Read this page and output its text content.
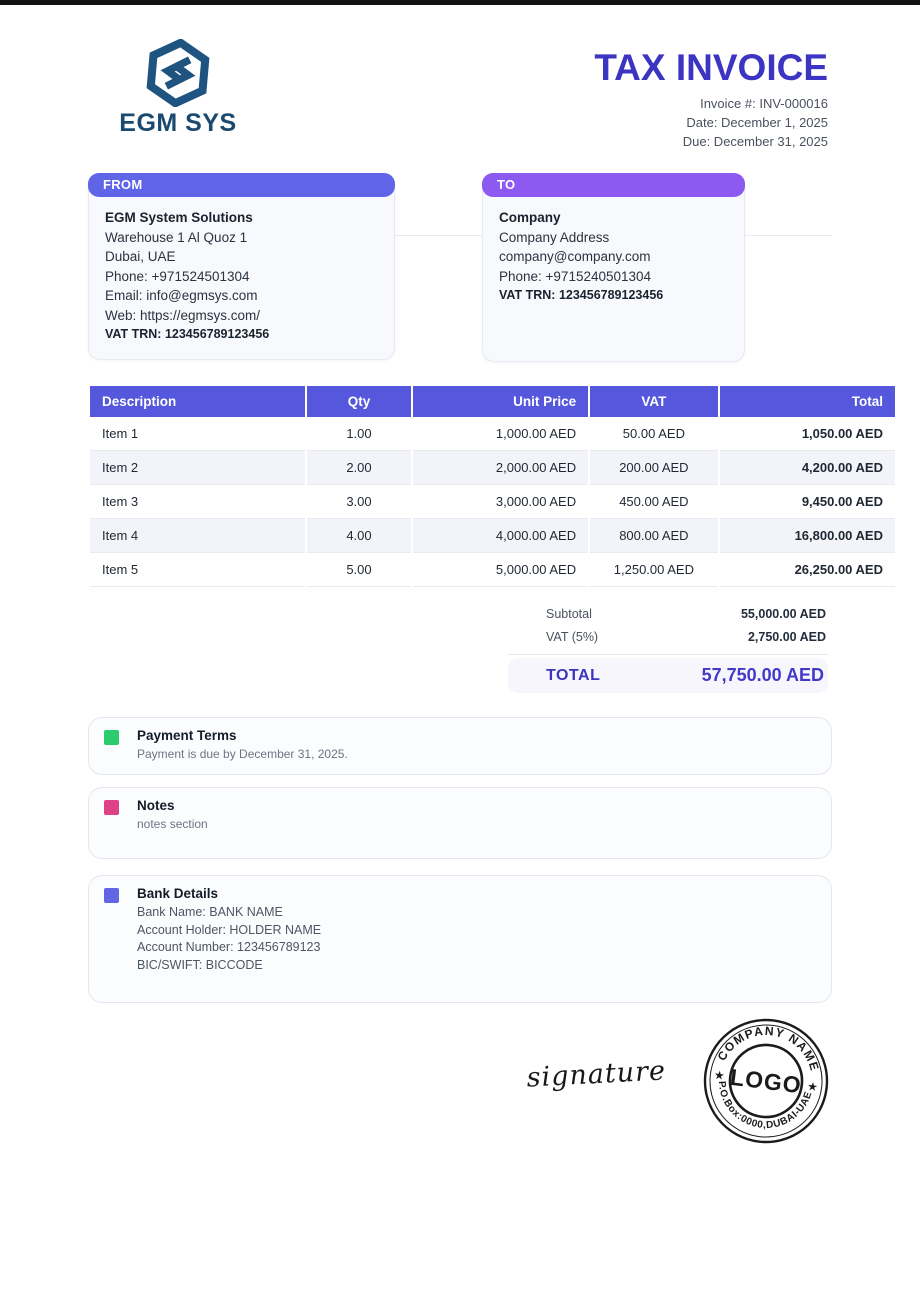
EGM SYS
TAX INVOICE
Invoice #: INV-000016
Date: December 1, 2025
Due: December 31, 2025
FROM
EGM System Solutions
Warehouse 1 Al Quoz 1
Dubai, UAE
Phone: +971524501304
Email: info@egmsys.com
Web: https://egmsys.com/
VAT TRN: 123456789123456
TO
Company
Company Address
company@company.com
Phone: +9715240501304
VAT TRN: 123456789123456
Description	Qty	Unit Price	VAT	Total
Item 1	1.00	1,000.00 AED	50.00 AED	1,050.00 AED
Item 2	2.00	2,000.00 AED	200.00 AED	4,200.00 AED
Item 3	3.00	3,000.00 AED	450.00 AED	9,450.00 AED
Item 4	4.00	4,000.00 AED	800.00 AED	16,800.00 AED
Item 5	5.00	5,000.00 AED	1,250.00 AED	26,250.00 AED
Subtotal	55,000.00 AED
VAT (5%)	2,750.00 AED
TOTAL	57,750.00 AED
Payment Terms
Payment is due by December 31, 2025.
Notes
notes section
Bank Details
Bank Name: BANK NAME
Account Holder: HOLDER NAME
Account Number: 123456789123
BIC/SWIFT: BICCODE
signature	COMPANY NAME
P.O.Box:0000,DUBAI-UAE
★
★
LOGO
